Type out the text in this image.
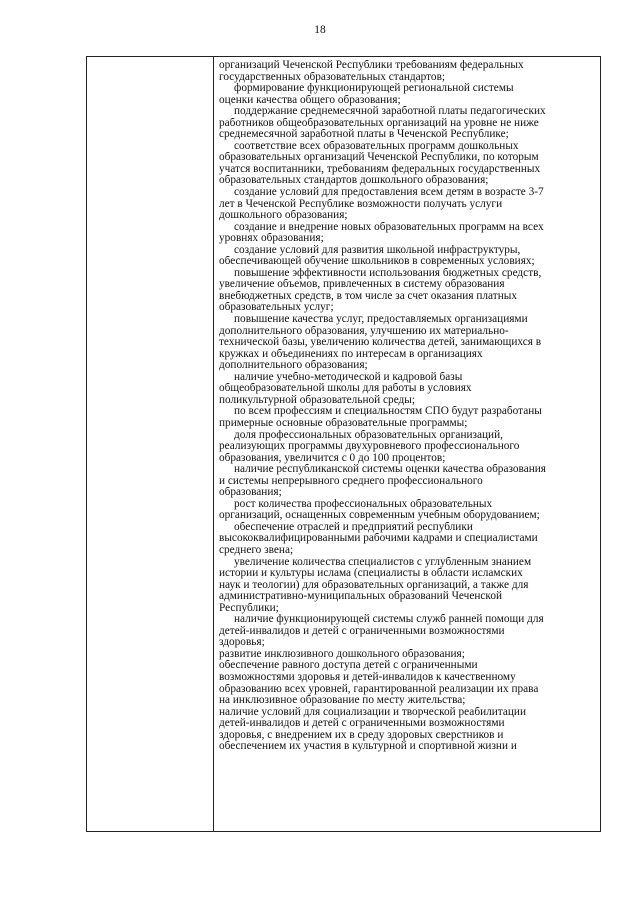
18
организаций Чеченской Республики требованиям федеральных
государственных образовательных стандартов;
формирование функционирующей региональной системы
оценки качества общего образования;
поддержание среднемесячной заработной платы педагогических
работников общеобразовательных организаций на уровне не ниже
среднемесячной заработной платы в Чеченской Республике;
соответствие всех образовательных программ дошкольных
образовательных организаций Чеченской Республики, по которым
учатся воспитанники, требованиям федеральных государственных
образовательных стандартов дошкольного образования;
создание условий для предоставления всем детям в возрасте 3-7
лет в Чеченской Республике возможности получать услуги
дошкольного образования;
создание и внедрение новых образовательных программ на всех
уровнях образования;
создание условий для развития школьной инфраструктуры,
обеспечивающей обучение школьников в современных условиях;
повышение эффективности использования бюджетных средств,
увеличение объемов, привлеченных в систему образования
внебюджетных средств, в том числе за счет оказания платных
образовательных услуг;
повышение качества услуг, предоставляемых организациями
дополнительного образования, улучшению их материально-
технической базы, увеличению количества детей, занимающихся в
кружках и объединениях по интересам в организациях
дополнительного образования;
наличие учебно-методической и кадровой базы
общеобразовательной школы для работы в условиях
поликультурной образовательной среды;
по всем профессиям и специальностям СПО будут разработаны
примерные основные образовательные программы;
доля профессиональных образовательных организаций,
реализующих программы двухуровневого профессионального
образования, увеличится с 0 до 100 процентов;
наличие республиканской системы оценки качества образования
и системы непрерывного среднего профессионального
образования;
рост количества профессиональных образовательных
организаций, оснащенных современным учебным оборудованием;
обеспечение отраслей и предприятий республики
высококвалифицированными рабочими кадрами и специалистами
среднего звена;
увеличение количества специалистов с углубленным знанием
истории и культуры ислама (специалисты в области исламских
наук и теологии) для образовательных организаций, а также для
административно-муниципальных образований Чеченской
Республики;
наличие функционирующей системы служб ранней помощи для
детей-инвалидов и детей с ограниченными возможностями
здоровья;
развитие инклюзивного дошкольного образования;
обеспечение равного доступа детей с ограниченными
возможностями здоровья и детей-инвалидов к качественному
образованию всех уровней, гарантированной реализации их права
на инклюзивное образование по месту жительства;
наличие условий для социализации и творческой реабилитации
детей-инвалидов и детей с ограниченными возможностями
здоровья, с внедрением их в среду здоровых сверстников и
обеспечением их участия в культурной и спортивной жизни и
